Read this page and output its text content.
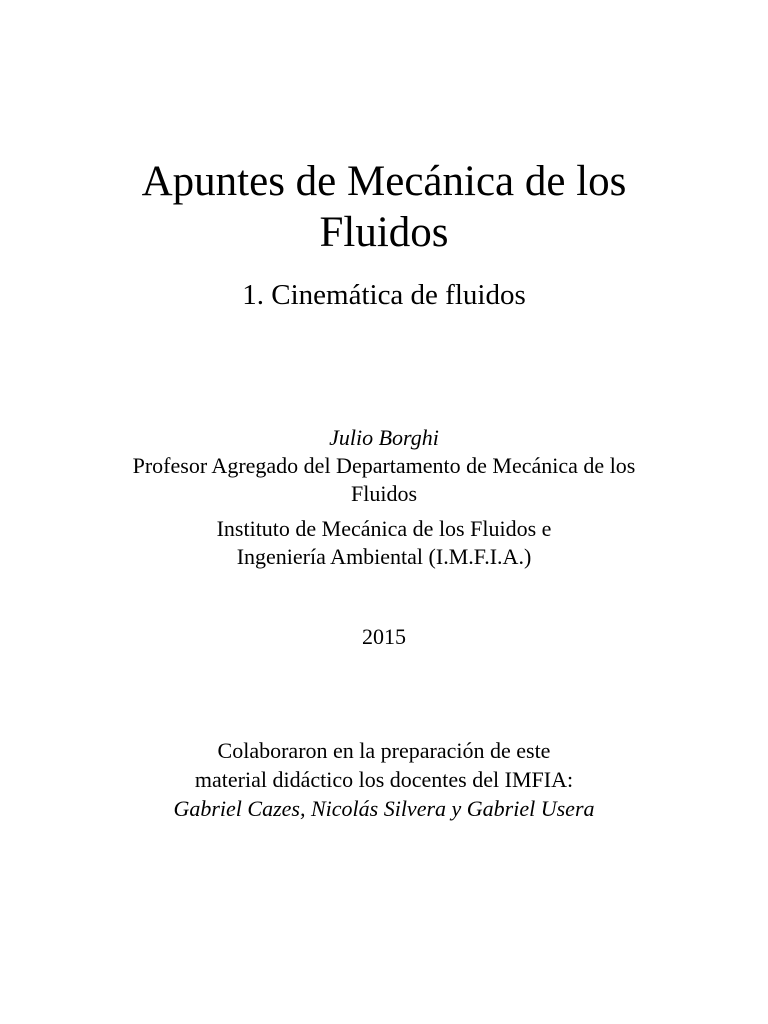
Apuntes de Mecánica de los
Fluidos
1. Cinemática de fluidos
Julio Borghi
Profesor Agregado del Departamento de Mecánica de los
Fluidos
Instituto de Mecánica de los Fluidos e
Ingeniería Ambiental (I.M.F.I.A.)
2015
Colaboraron en la preparación de este
material didáctico los docentes del IMFIA:
Gabriel Cazes, Nicolás Silvera y Gabriel Usera
